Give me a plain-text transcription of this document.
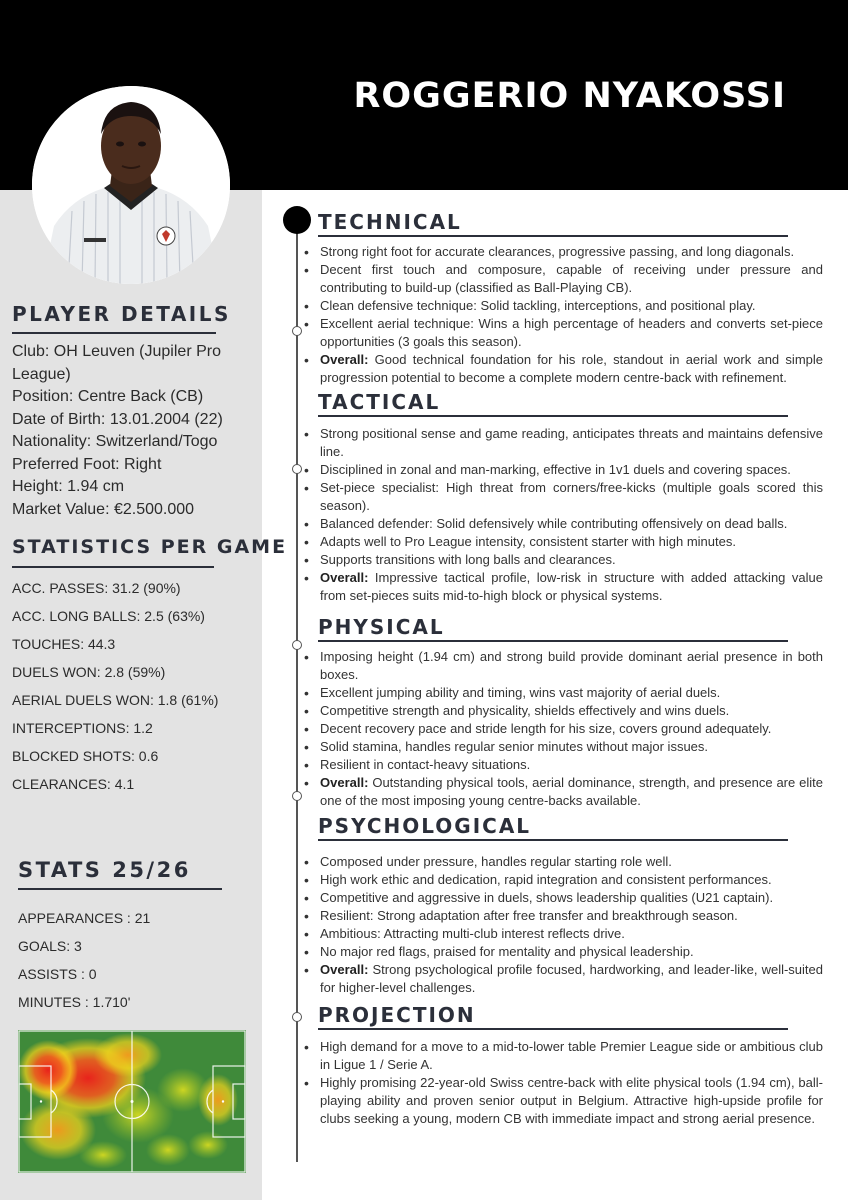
ROGGERIO NYAKOSSI
PLAYER DETAILS
Club: OH Leuven (Jupiler Pro League)
Position: Centre Back (CB)
Date of Birth: 13.01.2004 (22)
Nationality: Switzerland/Togo
Preferred Foot: Right
Height: 1.94 cm
Market Value: €2.500.000
STATISTICS PER GAME
ACC. PASSES: 31.2 (90%)
ACC. LONG BALLS: 2.5 (63%)
TOUCHES: 44.3
DUELS WON: 2.8 (59%)
AERIAL DUELS WON: 1.8 (61%)
INTERCEPTIONS: 1.2
BLOCKED SHOTS: 0.6
CLEARANCES: 4.1
STATS 25/26
APPEARANCES : 21
GOALS: 3
ASSISTS : 0
MINUTES : 1.710'
TECHNICAL
• Strong right foot for accurate clearances, progressive passing, and long diagonals.
• Decent first touch and composure, capable of receiving under pressure and contributing to build-up (classified as Ball-Playing CB).
• Clean defensive technique: Solid tackling, interceptions, and positional play.
• Excellent aerial technique: Wins a high percentage of headers and converts set-piece opportunities (3 goals this season).
• Overall: Good technical foundation for his role, standout in aerial work and simple progression potential to become a complete modern centre-back with refinement.
TACTICAL
• Strong positional sense and game reading, anticipates threats and maintains defensive line.
• Disciplined in zonal and man-marking, effective in 1v1 duels and covering spaces.
• Set-piece specialist: High threat from corners/free-kicks (multiple goals scored this season).
• Balanced defender: Solid defensively while contributing offensively on dead balls.
• Adapts well to Pro League intensity, consistent starter with high minutes.
• Supports transitions with long balls and clearances.
• Overall: Impressive tactical profile, low-risk in structure with added attacking value from set-pieces suits mid-to-high block or physical systems.
PHYSICAL
• Imposing height (1.94 cm) and strong build provide dominant aerial presence in both boxes.
• Excellent jumping ability and timing, wins vast majority of aerial duels.
• Competitive strength and physicality, shields effectively and wins duels.
• Decent recovery pace and stride length for his size, covers ground adequately.
• Solid stamina, handles regular senior minutes without major issues.
• Resilient in contact-heavy situations.
• Overall: Outstanding physical tools, aerial dominance, strength, and presence are elite one of the most imposing young centre-backs available.
PSYCHOLOGICAL
• Composed under pressure, handles regular starting role well.
• High work ethic and dedication, rapid integration and consistent performances.
• Competitive and aggressive in duels, shows leadership qualities (U21 captain).
• Resilient: Strong adaptation after free transfer and breakthrough season.
• Ambitious: Attracting multi-club interest reflects drive.
• No major red flags, praised for mentality and physical leadership.
• Overall: Strong psychological profile focused, hardworking, and leader-like, well-suited for higher-level challenges.
PROJECTION
• High demand for a move to a mid-to-lower table Premier League side or ambitious club in Ligue 1 / Serie A.
• Highly promising 22-year-old Swiss centre-back with elite physical tools (1.94 cm), ball-playing ability and proven senior output in Belgium. Attractive high-upside profile for clubs seeking a young, modern CB with immediate impact and strong aerial presence.
